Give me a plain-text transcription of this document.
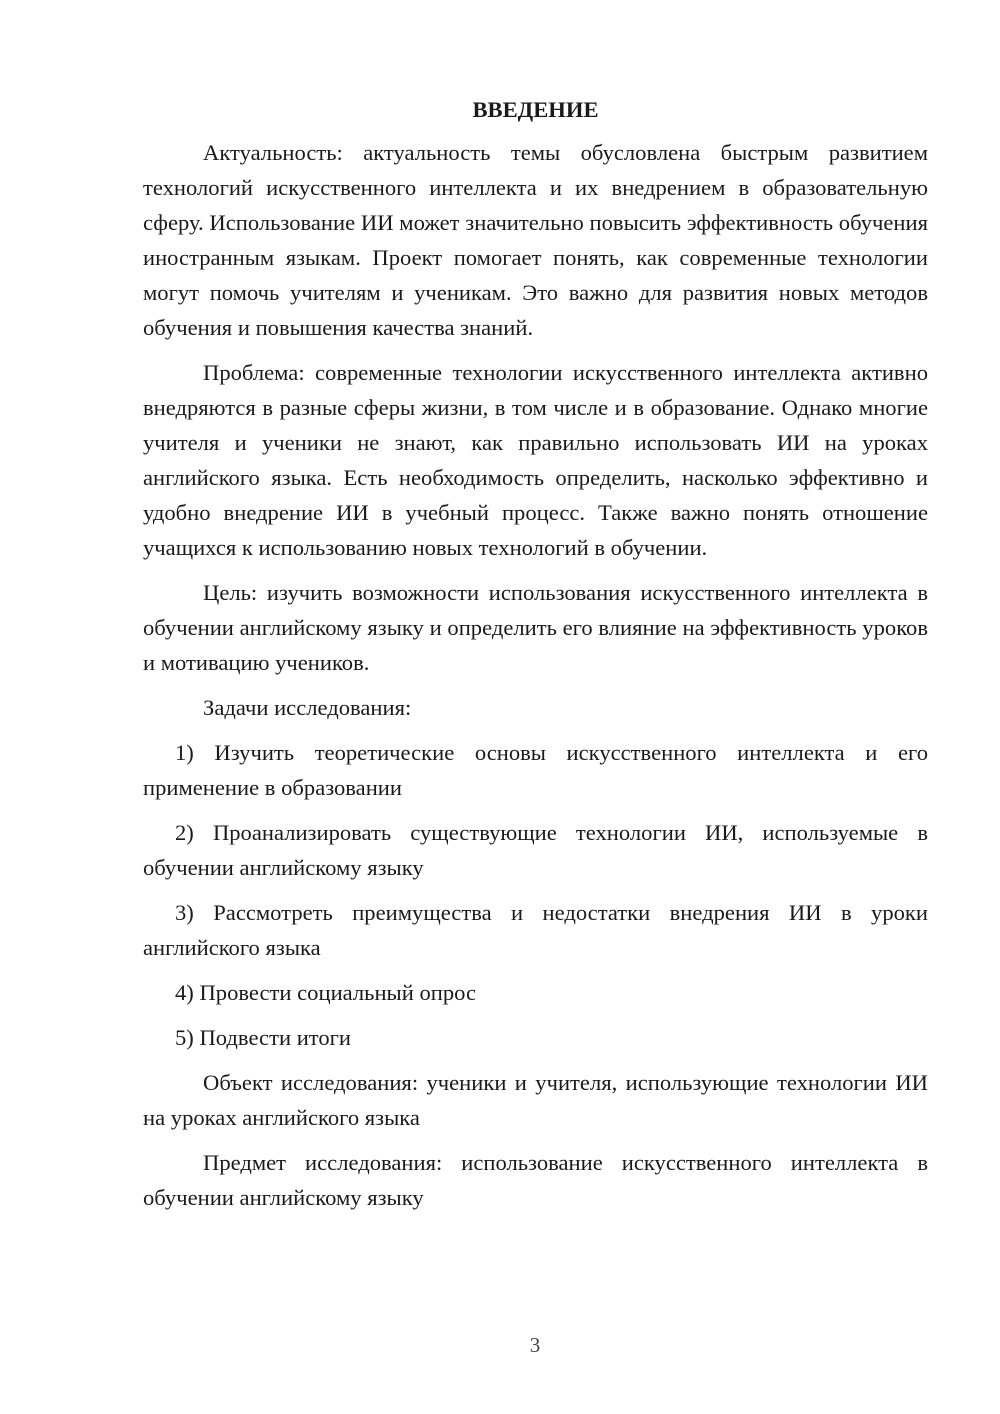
ВВЕДЕНИЕ

Актуальность: актуальность темы обусловлена быстрым развитием технологий искусственного интеллекта и их внедрением в образовательную сферу. Использование ИИ может значительно повысить эффективность обучения иностранным языкам. Проект помогает понять, как современные технологии могут помочь учителям и ученикам. Это важно для развития новых методов обучения и повышения качества знаний.

Проблема: современные технологии искусственного интеллекта активно внедряются в разные сферы жизни, в том числе и в образование. Однако многие учителя и ученики не знают, как правильно использовать ИИ на уроках английского языка. Есть необходимость определить, насколько эффективно и удобно внедрение ИИ в учебный процесс. Также важно понять отношение учащихся к использованию новых технологий в обучении.

Цель: изучить возможности использования искусственного интеллекта в обучении английскому языку и определить его влияние на эффективность уроков и мотивацию учеников.

Задачи исследования:

1) Изучить теоретические основы искусственного интеллекта и его применение в образовании

2) Проанализировать существующие технологии ИИ, используемые в обучении английскому языку

3) Рассмотреть преимущества и недостатки внедрения ИИ в уроки английского языка

4) Провести социальный опрос

5) Подвести итоги

Объект исследования: ученики и учителя, использующие технологии ИИ на уроках английского языка

Предмет исследования: использование искусственного интеллекта в обучении английскому языку

3
